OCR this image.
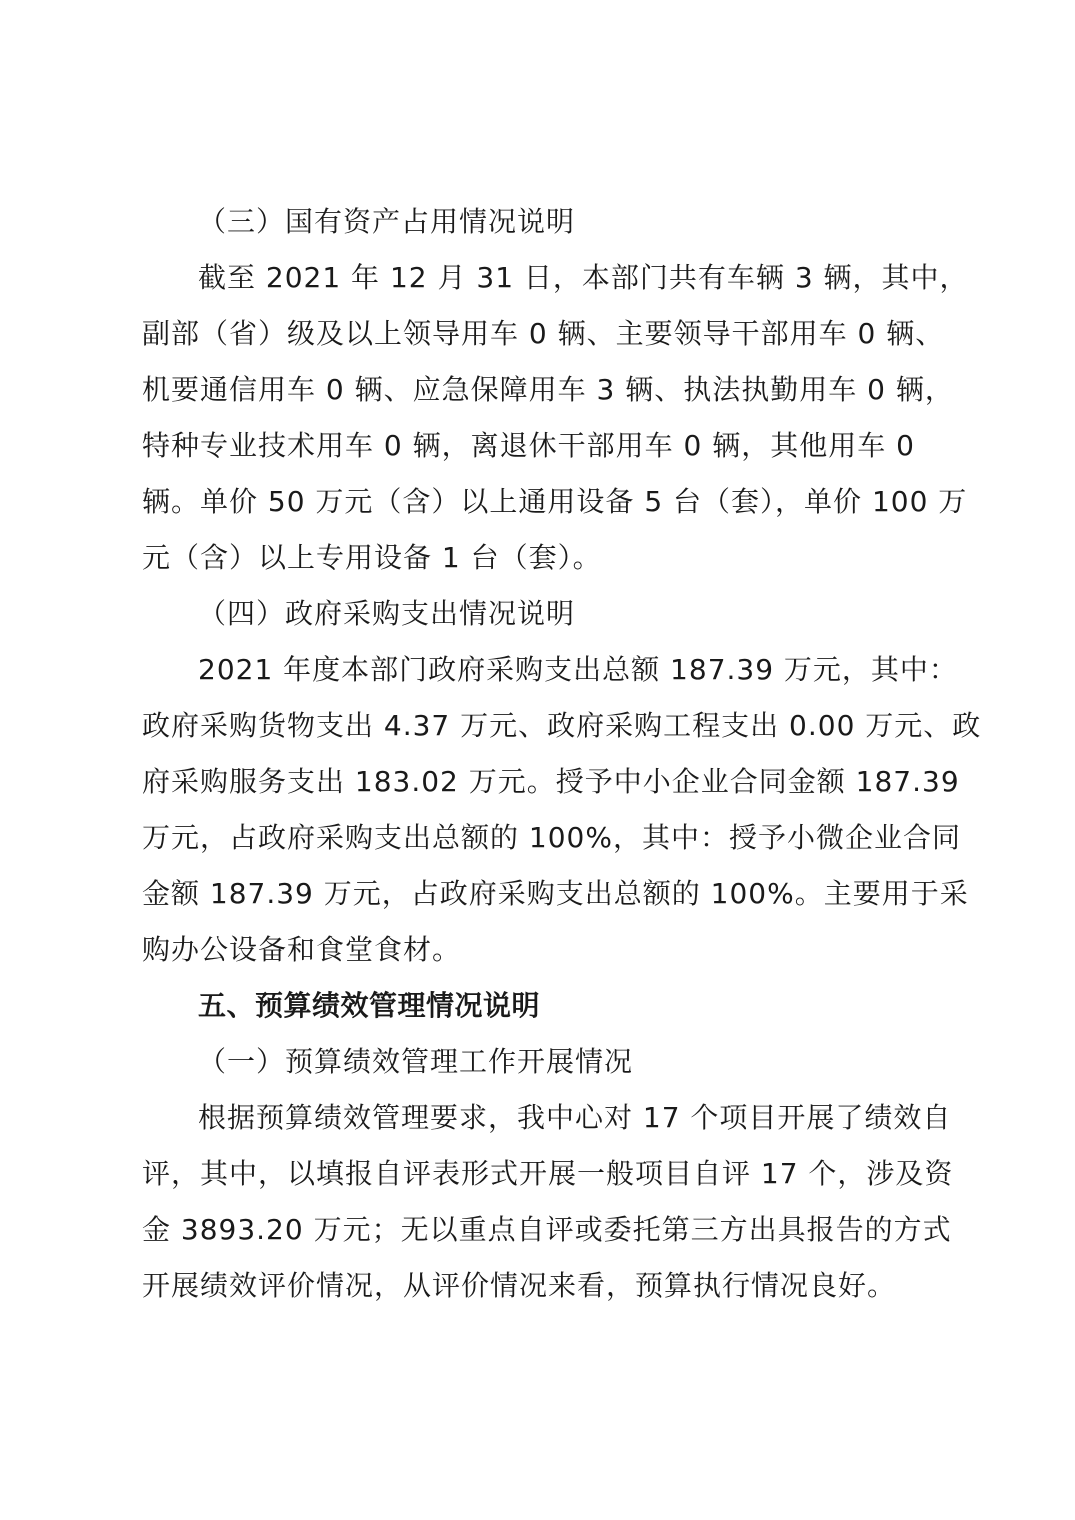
（三）国有资产占用情况说明
截至 2021 年 12 月 31 日，本部门共有车辆 3 辆，其中，
副部（省）级及以上领导用车 0 辆、主要领导干部用车 0 辆、
机要通信用车 0 辆、应急保障用车 3 辆、执法执勤用车 0 辆，
特种专业技术用车 0 辆，离退休干部用车 0 辆，其他用车 0
辆。单价 50 万元（含）以上通用设备 5 台（套），单价 100 万
元（含）以上专用设备 1 台（套）。
（四）政府采购支出情况说明
2021 年度本部门政府采购支出总额 187.39 万元，其中：
政府采购货物支出 4.37 万元、政府采购工程支出 0.00 万元、政
府采购服务支出 183.02 万元。授予中小企业合同金额 187.39
万元，占政府采购支出总额的 100%，其中：授予小微企业合同
金额 187.39 万元，占政府采购支出总额的 100%。主要用于采
购办公设备和食堂食材。
五、预算绩效管理情况说明
（一）预算绩效管理工作开展情况
根据预算绩效管理要求，我中心对 17 个项目开展了绩效自
评，其中，以填报自评表形式开展一般项目自评 17 个，涉及资
金 3893.20 万元；无以重点自评或委托第三方出具报告的方式
开展绩效评价情况，从评价情况来看，预算执行情况良好。
